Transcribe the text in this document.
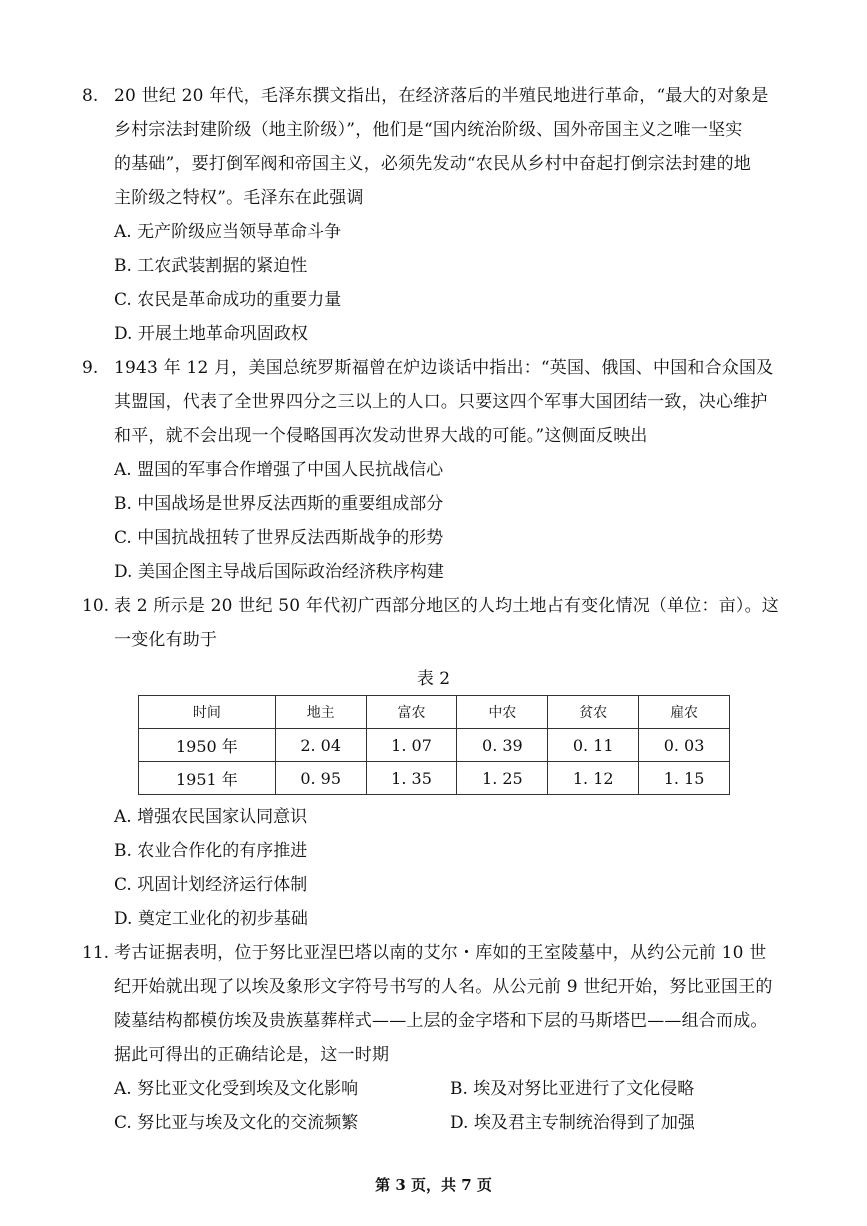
8. 20 世纪 20 年代，毛泽东撰文指出，在经济落后的半殖民地进行革命，“最大的对象是
乡村宗法封建阶级（地主阶级）”，他们是“国内统治阶级、国外帝国主义之唯一坚实
的基础”，要打倒军阀和帝国主义，必须先发动“农民从乡村中奋起打倒宗法封建的地
主阶级之特权”。毛泽东在此强调
A. 无产阶级应当领导革命斗争
B. 工农武装割据的紧迫性
C. 农民是革命成功的重要力量
D. 开展土地革命巩固政权
9. 1943 年 12 月，美国总统罗斯福曾在炉边谈话中指出：“英国、俄国、中国和合众国及
其盟国，代表了全世界四分之三以上的人口。只要这四个军事大国团结一致，决心维护
和平，就不会出现一个侵略国再次发动世界大战的可能。”这侧面反映出
A. 盟国的军事合作增强了中国人民抗战信心
B. 中国战场是世界反法西斯的重要组成部分
C. 中国抗战扭转了世界反法西斯战争的形势
D. 美国企图主导战后国际政治经济秩序构建
10. 表 2 所示是 20 世纪 50 年代初广西部分地区的人均土地占有变化情况（单位：亩）。这
一变化有助于
表 2
时间	地主	富农	中农	贫农	雇农
1950 年	2. 04	1. 07	0. 39	0. 11	0. 03
1951 年	0. 95	1. 35	1. 25	1. 12	1. 15
A. 增强农民国家认同意识
B. 农业合作化的有序推进
C. 巩固计划经济运行体制
D. 奠定工业化的初步基础
11. 考古证据表明，位于努比亚涅巴塔以南的艾尔・库如的王室陵墓中，从约公元前 10 世
纪开始就出现了以埃及象形文字符号书写的人名。从公元前 9 世纪开始，努比亚国王的
陵墓结构都模仿埃及贵族墓葬样式——上层的金字塔和下层的马斯塔巴——组合而成。
据此可得出的正确结论是，这一时期
A. 努比亚文化受到埃及文化影响	B. 埃及对努比亚进行了文化侵略
C. 努比亚与埃及文化的交流频繁	D. 埃及君主专制统治得到了加强
第 3 页，共 7 页
